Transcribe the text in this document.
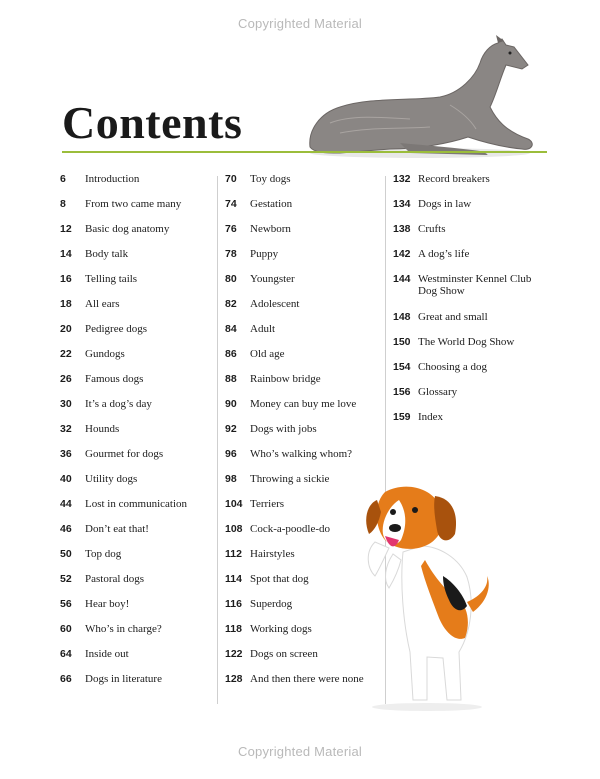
Copyrighted Material
Contents
6	Introduction
8	From two came many
12	Basic dog anatomy
14	Body talk
16	Telling tails
18	All ears
20	Pedigree dogs
22	Gundogs
26	Famous dogs
30	It’s a dog’s day
32	Hounds
36	Gourmet for dogs
40	Utility dogs
44	Lost in communication
46	Don’t eat that!
50	Top dog
52	Pastoral dogs
56	Hear boy!
60	Who’s in charge?
64	Inside out
66	Dogs in literature
70	Toy dogs
74	Gestation
76	Newborn
78	Puppy
80	Youngster
82	Adolescent
84	Adult
86	Old age
88	Rainbow bridge
90	Money can buy me love
92	Dogs with jobs
96	Who’s walking whom?
98	Throwing a sickie
104 Terriers
108 Cock-a-poodle-do
112 Hairstyles
114 Spot that dog
116 Superdog
118 Working dogs
122 Dogs on screen
128 And then there were none
132 Record breakers
134 Dogs in law
138 Crufts
142 A dog’s life
144 Westminster Kennel Club Dog Show
148 Great and small
150 The World Dog Show
154 Choosing a dog
156 Glossary
159 Index
Copyrighted Material
